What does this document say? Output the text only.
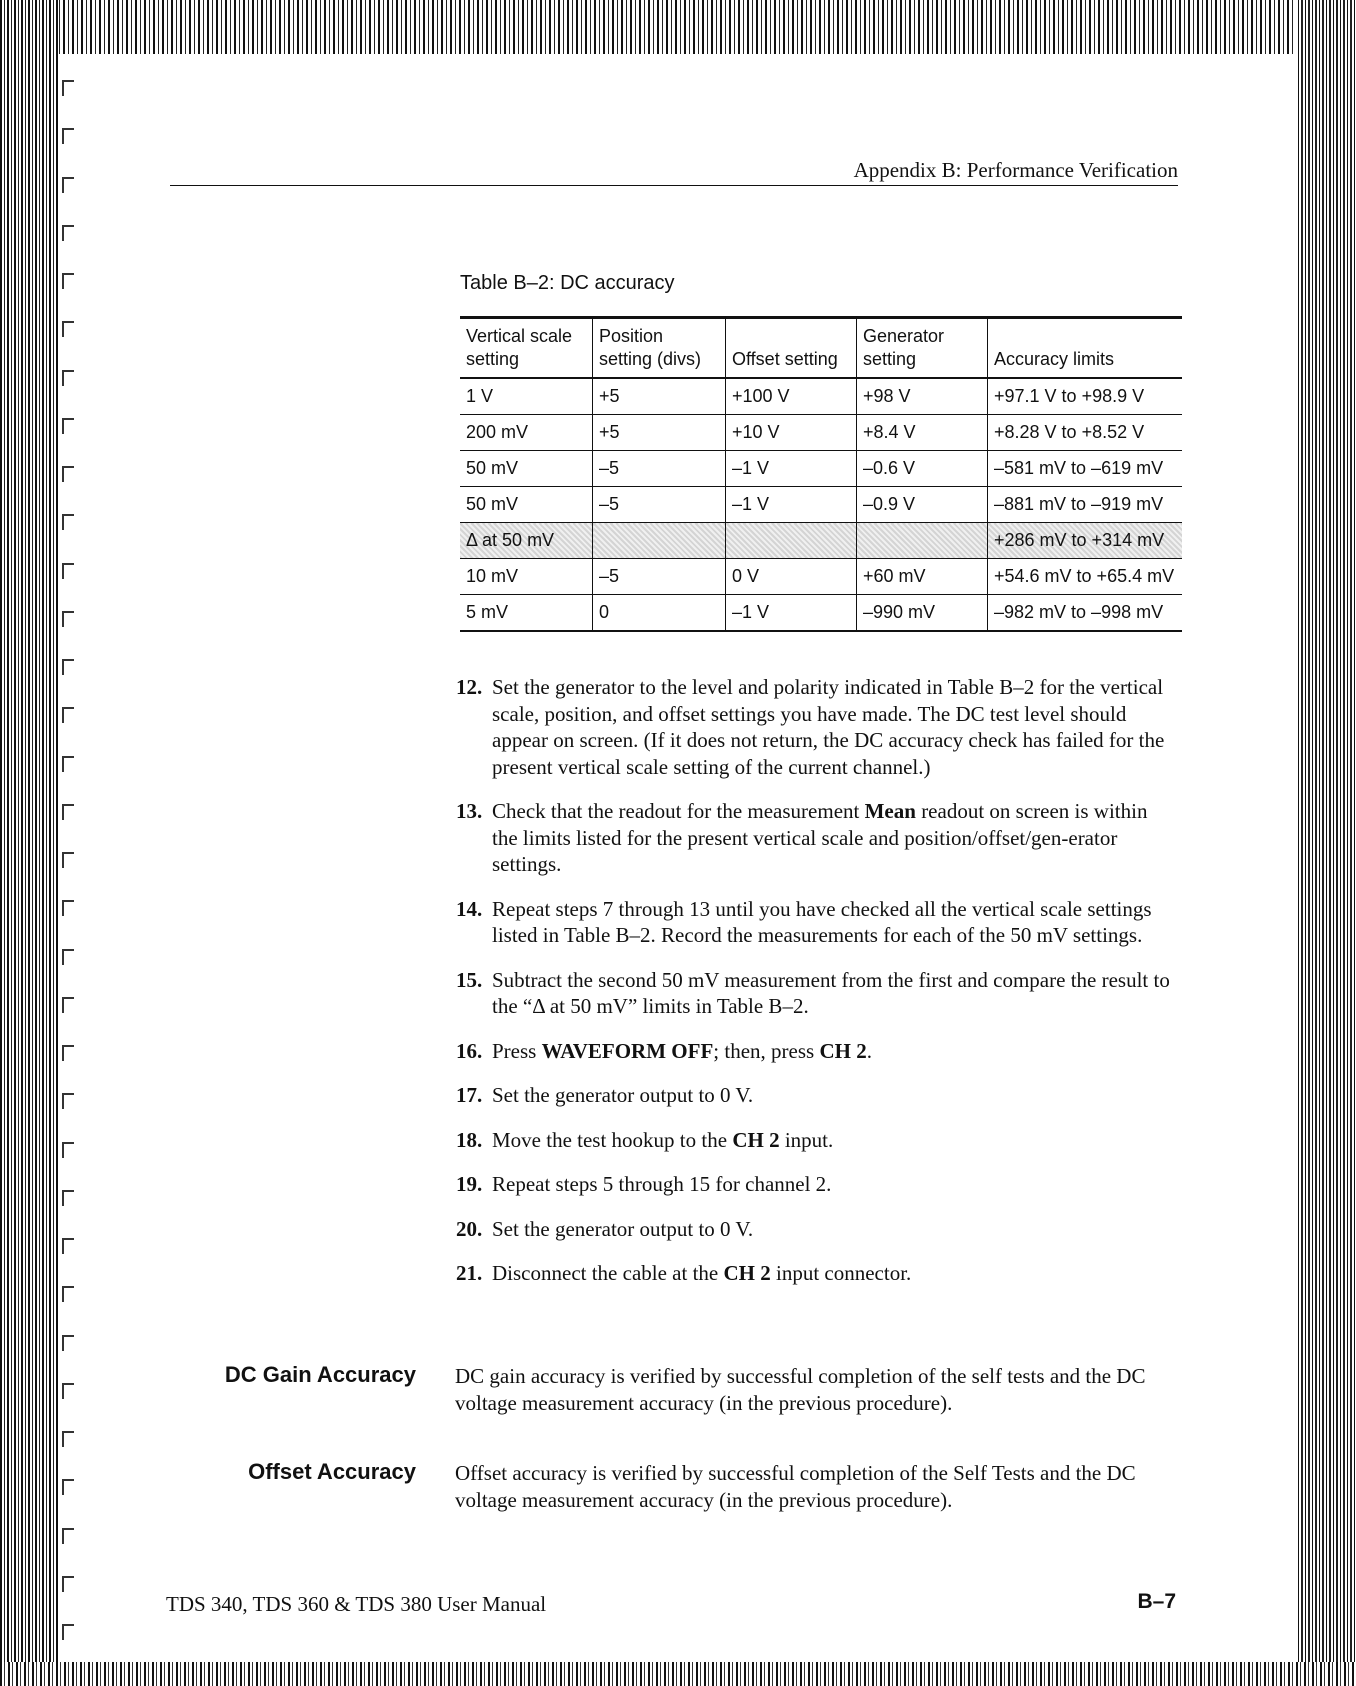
Appendix B: Performance Verification
Table B–2: DC accuracy
Vertical scale setting	Position setting (divs)	Offset setting	Generator setting	Accuracy limits
1 V	+5	+100 V	+98 V	+97.1 V to +98.9 V
200 mV	+5	+10 V	+8.4 V	+8.28 V to +8.52 V
50 mV	–5	–1 V	–0.6 V	–581 mV to –619 mV
50 mV	–5	–1 V	–0.9 V	–881 mV to –919 mV
Δ at 50 mV				+286 mV to +314 mV
10 mV	–5	0 V	+60 mV	+54.6 mV to +65.4 mV
5 mV	0	–1 V	–990 mV	–982 mV to –998 mV
12. Set the generator to the level and polarity indicated in Table B–2 for the vertical scale, position, and offset settings you have made. The DC test level should appear on screen. (If it does not return, the DC accuracy check has failed for the present vertical scale setting of the current channel.)
13. Check that the readout for the measurement Mean readout on screen is within the limits listed for the present vertical scale and position/offset/gen-erator settings.
14. Repeat steps 7 through 13 until you have checked all the vertical scale settings listed in Table B–2. Record the measurements for each of the 50 mV settings.
15. Subtract the second 50 mV measurement from the first and compare the result to the “Δ at 50 mV” limits in Table B–2.
16. Press WAVEFORM OFF; then, press CH 2.
17. Set the generator output to 0 V.
18. Move the test hookup to the CH 2 input.
19. Repeat steps 5 through 15 for channel 2.
20. Set the generator output to 0 V.
21. Disconnect the cable at the CH 2 input connector.
DC Gain Accuracy DC gain accuracy is verified by successful completion of the self tests and the DC voltage measurement accuracy (in the previous procedure).
Offset Accuracy Offset accuracy is verified by successful completion of the Self Tests and the DC voltage measurement accuracy (in the previous procedure).
TDS 340, TDS 360 & TDS 380 User Manual	B–7
